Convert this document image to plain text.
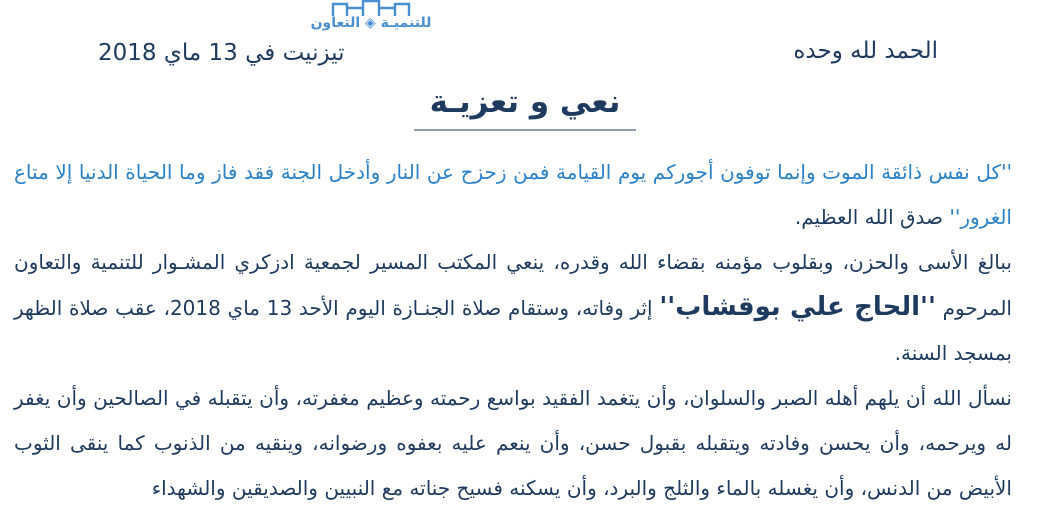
للتنميـة ◈ التعاون
الحمد لله وحده
تيزنيت في 13 ماي 2018
نعي و تعزيـة

''كل نفس ذائقة الموت وإنما توفون أجوركم يوم القيامة فمن زحزح عن النار وأدخل الجنة فقد فاز وما الحياة الدنيا إلا متاع الغرور'' صدق الله العظيم.

ببالغ الأسى والحزن، وبقلوب مؤمنه بقضاء الله وقدره، ينعي المكتب المسير لجمعية ادزكري المشـوار للتنمية والتعاون المرحوم ''الحاج علي بوقشاب'' إثر وفاته، وستقام صلاة الجنـازة اليوم الأحد 13 ماي 2018، عقب صلاة الظهر بمسجد السنة.

نسأل الله أن يلهم أهله الصبر والسلوان، وأن يتغمد الفقيد بواسع رحمته وعظيم مغفرته، وأن يتقبله في الصالحين وأن يغفر له ويرحمه، وأن يحسن وفادته ويتقبله بقبول حسن، وأن ينعم عليه بعفوه ورضوانه، وينقيه من الذنوب كما ينقى الثوب الأبيض من الدنس، وأن يغسله بالماء والثلج والبرد، وأن يسكنه فسيح جناته مع النبيين والصديقين والشهداء
